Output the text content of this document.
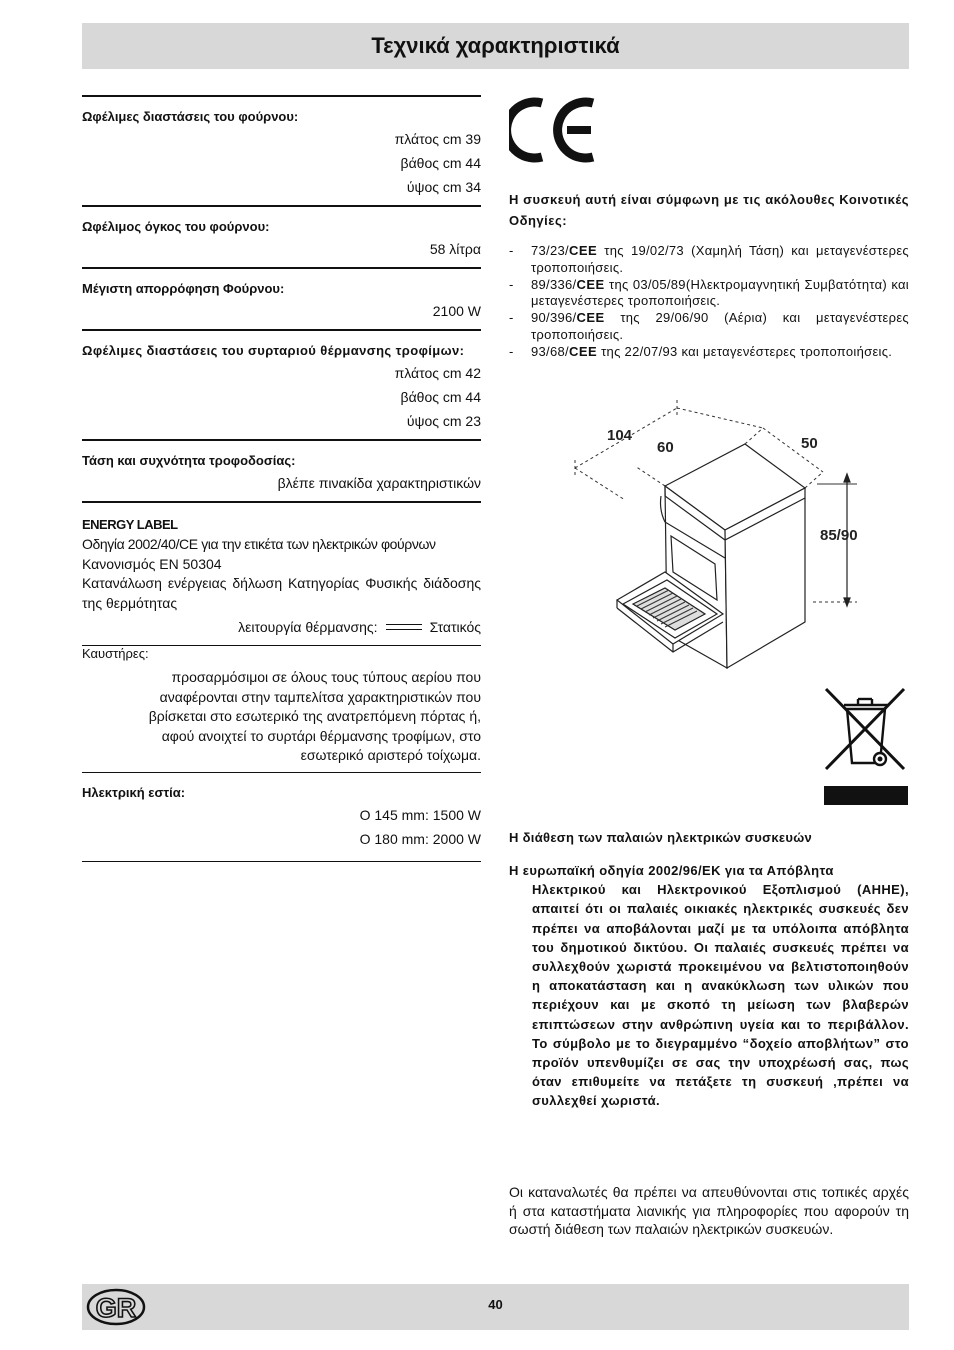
Τεχνικά χαρακτηριστικά
Ωφέλιμες διαστάσεις του φούρνου:
πλάτος cm 39
βάθος cm 44
ύψος cm 34
Ωφέλιμος όγκος του φούρνου:
58 λίτρα
Μέγιστη απορρόφηση Φούρνου:
2100 W
Ωφέλιμες διαστάσεις του συρταριού θέρμανσης τροφίμων:
πλάτος cm 42
βάθος cm 44
ύψος cm 23
Τάση και συχνότητα τροφοδοσίας:
βλέπε πινακίδα χαρακτηριστικών
ENERGY LABEL
Οδηγία 2002/40/CE για την ετικέτα των ηλεκτρικών φούρνων
Κανονισμός EN 50304
Κατανάλωση ενέργειας δήλωση Κατηγορίας Φυσικής διάδοσης της θερμότητας
λειτουργία θέρμανσης:	Στατικός
Καυστήρες:
προσαρμόσιμοι σε όλους τους τύπους αερίου που αναφέρονται στην ταμπελίτσα χαρακτηριστικών που βρίσκεται στο εσωτερικό της ανατρεπόμενη πόρτας ή, αφού ανοιχτεί το συρτάρι θέρμανσης τροφίμων, στο εσωτερικό αριστερό τοίχωμα.
Ηλεκτρική εστία:
Ο 145 mm: 1500 W
Ο 180 mm: 2000 W
Η συσκευή αυτή είναι σύμφωνη με τις ακόλουθες Κοινοτικές Οδηγίες:
- 73/23/CEE της 19/02/73 (Χαμηλή Τάση) και μεταγενέστερες τροποποιήσεις.
- 89/336/CEE της 03/05/89(Ηλεκτρομαγνητική Συμβατότητα) και μεταγενέστερες τροποποιήσεις.
- 90/396/CEE της 29/06/90 (Αέρια) και μεταγενέστερες τροποποιήσεις.
- 93/68/CEE της 22/07/93 και μεταγενέστερες τροποποιήσεις.
104
60	50
85/90
Η διάθεση των παλαιών ηλεκτρικών συσκευών
Η ευρωπαϊκή οδηγία 2002/96/ΕΚ για τα Απόβλητα
Ηλεκτρικού και Ηλεκτρονικού Εξοπλισμού (ΑΗΗΕ), απαιτεί ότι οι παλαιές οικιακές ηλεκτρικές συσκευές δεν πρέπει να αποβάλονται μαζί με τα υπόλοιπα απόβλητα του δημοτικού δικτύου. Οι παλαιές συσκευές πρέπει να συλλεχθούν χωριστά προκειμένου να βελτιστοποιηθούν η αποκατάσταση και η ανακύκλωση των υλικών που περιέχουν και με σκοπό τη μείωση των βλαβερών επιπτώσεων στην ανθρώπινη υγεία και το περιβάλλον. Το σύμβολο με το διεγραμμένο “δοχείο αποβλήτων” στο προϊόν υπενθυμίζει σε σας την υποχρέωσή σας, πως όταν επιθυμείτε να πετάξετε τη συσκευή ,πρέπει να συλλεχθεί χωριστά.
Οι καταναλωτές θα πρέπει να απευθύνονται στις τοπικές αρχές ή στα καταστήματα λιανικής για πληροφορίες που αφορούν τη σωστή διάθεση των παλαιών ηλεκτρικών συσκευών.
GR	40
